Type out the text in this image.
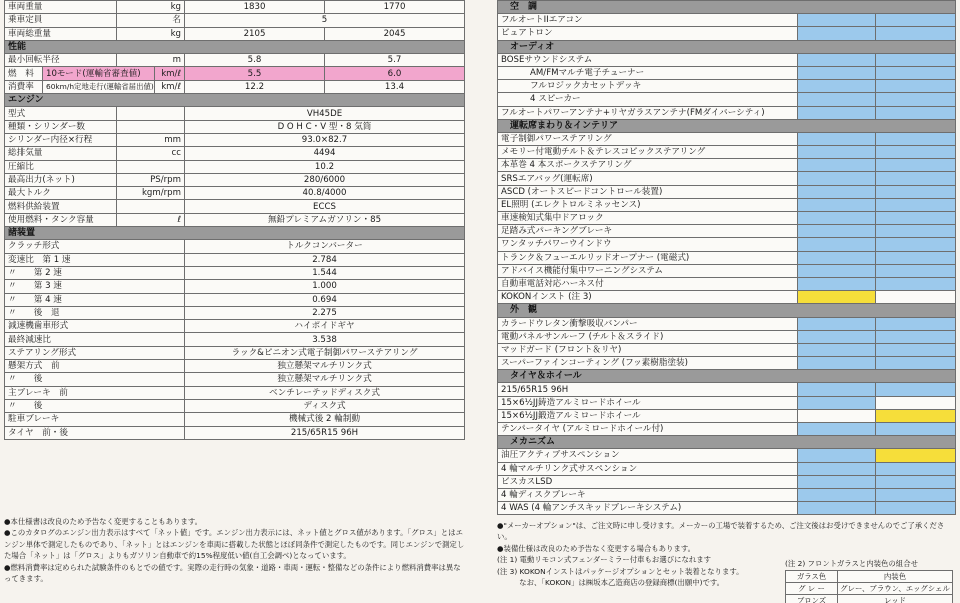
車両重量	kg	1830	1770
乗車定員	名	5	
車両総重量	kg	2105	2045
性能			
最小回転半径	m	5.8	5.7
燃　料	10モード(運輸省審査値)	km/ℓ	5.5	6.0
消費率	60km/h定地走行(運輸省届出値)	km/ℓ	12.2	13.4
エンジン		
型式		VH45DE
種類・シリンダー数		D O H C・V 型・8 気筒
シリンダー内径×行程	mm	93.0×82.7
総排気量	cc	4494
圧縮比		10.2
最高出力(ネット)	PS/rpm	280/6000
最大トルク	kgm/rpm	40.8/4000
燃料供給装置		ECCS
使用燃料・タンク容量	ℓ	無鉛プレミアムガソリン・85
諸装置	
クラッチ形式	トルクコンバーター
変速比　第 1 速	2.784
〃　　第 2 速	1.544
〃　　第 3 速	1.000
〃　　第 4 速	0.694
〃　　後　退	2.275
減速機歯車形式	ハイポイドギヤ
最終減速比	3.538
ステアリング形式	ラック&ピニオン式電子制御パワーステアリング
懸架方式　前	独立懸架マルチリンク式
〃　　後	独立懸架マルチリンク式
主ブレーキ　前	ベンチレーテッドディスク式
〃　　後	ディスク式
駐車ブレーキ	機械式後 2 輪制動
タイヤ　前・後	215/65R15 96H

●本仕様書は改良のため予告なく変更することもあります。

●このカタログのエンジン出力表示はすべて「ネット値」です。エンジン出力表示には、ネット値とグロス値があります。「グロス」とはエンジン単体で測定したものであり、「ネット」とはエンジンを車両に搭載した状態とほぼ同条件で測定したものです。同じエンジンで測定した場合「ネット」は「グロス」よりもガソリン自動車で約15%程度低い値(自工会調べ)となっています。

●燃料消費率は定められた試験条件のもとでの値です。実際の走行時の気象・道路・車両・運転・整備などの条件により燃料消費率は異なってきます。

空　調		
フルオートIIエアコン		
ピュアトロン		
オーディオ		
BOSEサウンドシステム		
AM/FMマルチ電子チューナー		
フルロジックカセットデッキ		
4 スピーカー		
フルオートパワーアンテナ+リヤガラスアンテナ(FMダイバーシティ)		
運転席まわり＆インテリア		
電子制御パワーステアリング		
メモリー付電動チルト＆テレスコピックステアリング		
本革巻 4 本スポークステアリング		
SRSエアバッグ(運転席)		
ASCD (オートスピードコントロール装置)		
EL照明 (エレクトロルミネッセンス)		
車速検知式集中ドアロック		
足踏み式パーキングブレーキ		
ワンタッチパワーウインドウ		
トランク＆フューエルリッドオープナー (電磁式)		
アドバイス機能付集中ワーニングシステム		
自動車電話対応ハーネス付		
KOKONインスト (注 3)		
外　観		
カラードウレタン衝撃吸収バンパー		
電動パネルサンルーフ (チルト＆スライド)		
マッドガード (フロント＆リヤ)		
スーパーファインコーティング (フッ素樹脂塗装)		
タイヤ＆ホイール		
215/65R15 96H		
15×6½JJ鋳造アルミロードホイール		
15×6½JJ鍛造アルミロードホイール		
テンパータイヤ (アルミロードホイール付)		
メカニズム		
油圧アクティブサスペンション		
4 輪マルチリンク式サスペンション		
ビスカスLSD		
4 輪ディスクブレーキ		
4 WAS (4 輪アンチスキッドブレーキシステム)		

●"メーカーオプション"は、ご注文時に申し受けます。メーカーの工場で装着するため、ご注文後はお受けできませんのでご了承ください。

●装備仕様は改良のため予告なく変更する場合もあります。

(注 1) 電動リモコン式フェンダーミラー付車もお選びになれます

(注 3) KOKONインストはパッケージオプションとセット装着となります。

　　　なお、「KOKON」は㈱坂本乙造商店の登録商標(出願中)です。

(注 2) フロントガラスと内装色の組合せ
ガラス色	内装色
グ レ ー	グレー、ブラウン、エッグシェル
ブロンズ	レッド
